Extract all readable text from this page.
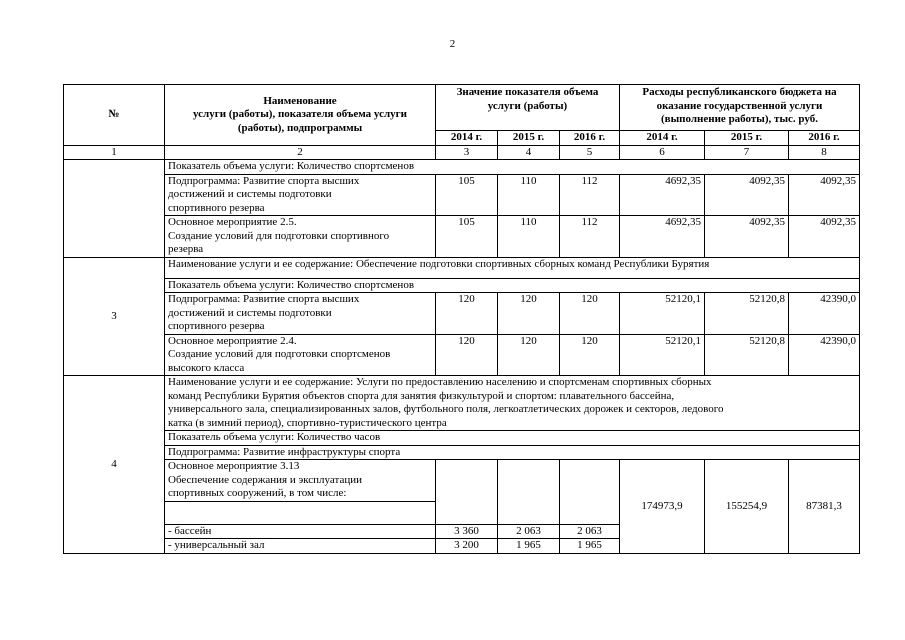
2
№	Наименование
услуги (работы), показателя объема услуги
(работы), подпрограммы	Значение показателя объема услуги (работы)			Расходы республиканского бюджета на оказание государственной услуги (выполнение работы), тыс. руб.		
		2014 г.	2015 г.	2016 г.	2014 г.	2015 г.	2016 г.
1	2	3	4	5	6	7	8
	Показатель объема услуги: Количество спортсменов						

	Подпрограмма: Развитие спорта высших
достижений и системы подготовки
спортивного резерва	105	110	112	4692,35	4092,35	4092,35

	Основное мероприятие 2.5.
Создание условий для подготовки спортивного
резерва	105	110	112	4692,35	4092,35	4092,35
3	Наименование услуги и ее содержание: Обеспечение подготовки спортивных сборных команд Республики Бурятия						
	Показатель объема услуги: Количество спортсменов						

	Подпрограмма: Развитие спорта высших
достижений и системы подготовки
спортивного резерва	120	120	120	52120,1	52120,8	42390,0

	Основное мероприятие 2.4.
Создание условий для подготовки спортсменов
высокого класса	120	120	120	52120,1	52120,8	42390,0
4	Наименование услуги и ее содержание: Услуги по предоставлению населению и спортсменам спортивных сборных
команд Республики Бурятия объектов спорта для занятия физкультурой и спортом: плавательного бассейна,
универсального зала, специализированных залов, футбольного поля, легкоатлетических дорожек и секторов, ледового
катка (в зимний период), спортивно-туристического центра						

	Показатель объема услуги: Количество часов						
	Подпрограмма: Развитие инфраструктуры спорта						

	Основное мероприятие 3.13
Обеспечение содержания и эксплуатации
спортивных сооружений, в том числе:				174973,9	155254,9	87381,3

	- бассейн	3 360	2 063	2 063			
	- универсальный зал	3 200	1 965	1 965			
